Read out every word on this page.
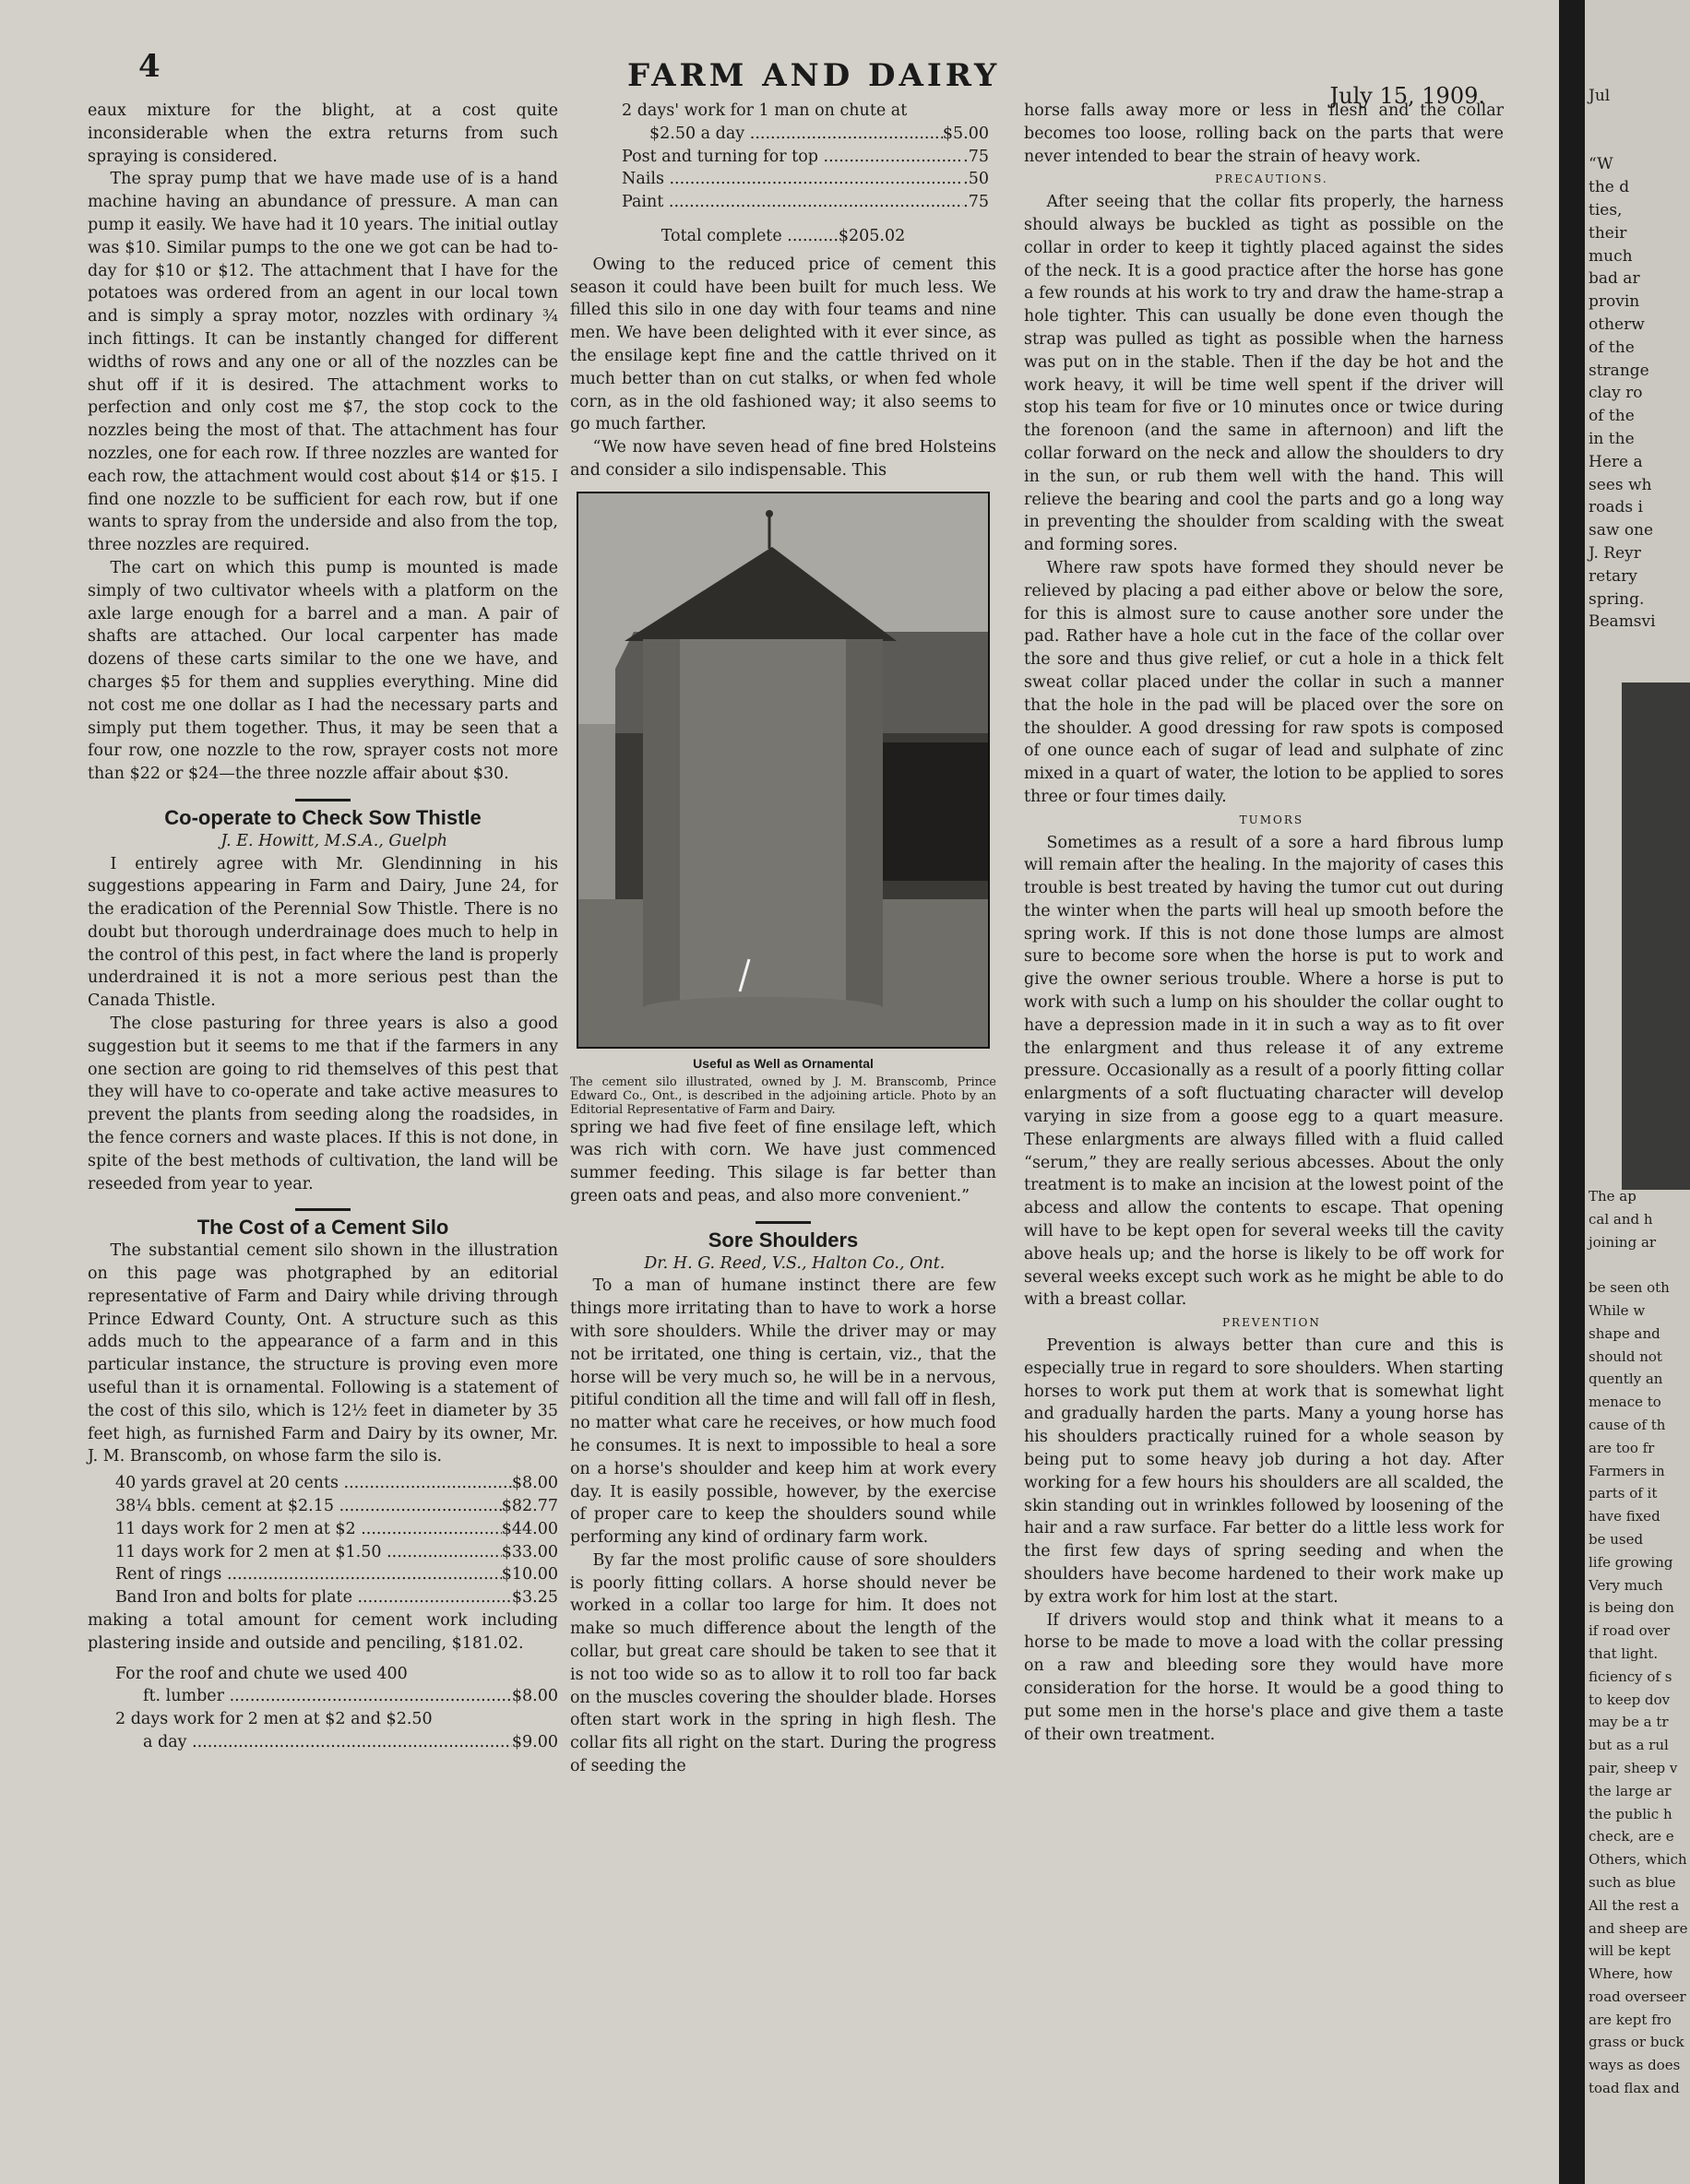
4	FARM AND DAIRY
July 15, 1909.

eaux mixture for the blight, at a cost quite inconsiderable when the extra returns from such spraying is considered.

The spray pump that we have made use of is a hand machine having an abundance of pressure. A man can pump it easily. We have had it 10 years. The initial outlay was $10. Similar pumps to the one we got can be had to-day for $10 or $12. The attachment that I have for the potatoes was ordered from an agent in our local town and is simply a spray motor, nozzles with ordinary ¾ inch fittings. It can be instantly changed for different widths of rows and any one or all of the nozzles can be shut off if it is desired. The attachment works to perfection and only cost me $7, the stop cock to the nozzles being the most of that. The attachment has four nozzles, one for each row. If three nozzles are wanted for each row, the attachment would cost about $14 or $15. I find one nozzle to be sufficient for each row, but if one wants to spray from the underside and also from the top, three nozzles are required.

The cart on which this pump is mounted is made simply of two cultivator wheels with a platform on the axle large enough for a barrel and a man. A pair of shafts are attached. Our local carpenter has made dozens of these carts similar to the one we have, and charges $5 for them and supplies everything. Mine did not cost me one dollar as I had the necessary parts and simply put them together. Thus, it may be seen that a four row, one nozzle to the row, sprayer costs not more than $22 or $24—the three nozzle affair about $30.

Co-operate to Check Sow Thistle

J. E. Howitt, M.S.A., Guelph

I entirely agree with Mr. Glendinning in his suggestions appearing in Farm and Dairy, June 24, for the eradication of the Perennial Sow Thistle. There is no doubt but thorough underdrainage does much to help in the control of this pest, in fact where the land is properly underdrained it is not a more serious pest than the Canada Thistle.

The close pasturing for three years is also a good suggestion but it seems to me that if the farmers in any one section are going to rid themselves of this pest that they will have to co-operate and take active measures to prevent the plants from seeding along the roadsides, in the fence corners and waste places. If this is not done, in spite of the best methods of cultivation, the land will be reseeded from year to year.

The Cost of a Cement Silo

The substantial cement silo shown in the illustration on this page was photgraphed by an editorial representative of Farm and Dairy while driving through Prince Edward County, Ont. A structure such as this adds much to the appearance of a farm and in this particular instance, the structure is proving even more useful than it is ornamental. Following is a statement of the cost of this silo, which is 12½ feet in diameter by 35 feet high, as furnished Farm and Dairy by its owner, Mr. J. M. Branscomb, on whose farm the silo is.

40 yards gravel at 20 cents .....	$8.00
38¼ bbls. cement at $2.15 .....	$82.77
11 days work for 2 men at $2 .....	$44.00
11 days work for 2 men at $1.50 .....	$33.00
Rent of rings .....	$10.00
Band Iron and bolts for plate .....	$3.25

making a total amount for cement work including plastering inside and outside and penciling, $181.02.

For the roof and chute we used 400

ft. lumber .....	$8.00

2 days work for 2 men at $2 and $2.50

a day .....	$9.00

2 days' work for 1 man on chute at

$2.50 a day .....	$5.00
Post and turning for top .....	.75
Nails .....	.50
Paint .....	.75
Total complete ..........$205.02

Owing to the reduced price of cement this season it could have been built for much less. We filled this silo in one day with four teams and nine men. We have been delighted with it ever since, as the ensilage kept fine and the cattle thrived on it much better than on cut stalks, or when fed whole corn, as in the old fashioned way; it also seems to go much farther.

“We now have seven head of fine bred Holsteins and consider a silo indispensable. This

Useful as Well as Ornamental

The cement silo illustrated, owned by J. M. Branscomb, Prince Edward Co., Ont., is described in the adjoining article. Photo by an Editorial Representative of Farm and Dairy.

spring we had five feet of fine ensilage left, which was rich with corn. We have just commenced summer feeding. This silage is far better than green oats and peas, and also more convenient.”

Sore Shoulders

Dr. H. G. Reed, V.S., Halton Co., Ont.

To a man of humane instinct there are few things more irritating than to have to work a horse with sore shoulders. While the driver may or may not be irritated, one thing is certain, viz., that the horse will be very much so, he will be in a nervous, pitiful condition all the time and will fall off in flesh, no matter what care he receives, or how much food he consumes. It is next to impossible to heal a sore on a horse's shoulder and keep him at work every day. It is easily possible, however, by the exercise of proper care to keep the shoulders sound while performing any kind of ordinary farm work.

By far the most prolific cause of sore shoulders is poorly fitting collars. A horse should never be worked in a collar too large for him. It does not make so much difference about the length of the collar, but great care should be taken to see that it is not too wide so as to allow it to roll too far back on the muscles covering the shoulder blade. Horses often start work in the spring in high flesh. The collar fits all right on the start. During the progress of seeding the

horse falls away more or less in flesh and the collar becomes too loose, rolling back on the parts that were never intended to bear the strain of heavy work.

PRECAUTIONS.

After seeing that the collar fits properly, the harness should always be buckled as tight as possible on the collar in order to keep it tightly placed against the sides of the neck. It is a good practice after the horse has gone a few rounds at his work to try and draw the hame-strap a hole tighter. This can usually be done even though the strap was pulled as tight as possible when the harness was put on in the stable. Then if the day be hot and the work heavy, it will be time well spent if the driver will stop his team for five or 10 minutes once or twice during the forenoon (and the same in afternoon) and lift the collar forward on the neck and allow the shoulders to dry in the sun, or rub them well with the hand. This will relieve the bearing and cool the parts and go a long way in preventing the shoulder from scalding with the sweat and forming sores.

Where raw spots have formed they should never be relieved by placing a pad either above or below the sore, for this is almost sure to cause another sore under the pad. Rather have a hole cut in the face of the collar over the sore and thus give relief, or cut a hole in a thick felt sweat collar placed under the collar in such a manner that the hole in the pad will be placed over the sore on the shoulder. A good dressing for raw spots is composed of one ounce each of sugar of lead and sulphate of zinc mixed in a quart of water, the lotion to be applied to sores three or four times daily.

TUMORS

Sometimes as a result of a sore a hard fibrous lump will remain after the healing. In the majority of cases this trouble is best treated by having the tumor cut out during the winter when the parts will heal up smooth before the spring work. If this is not done those lumps are almost sure to become sore when the horse is put to work and give the owner serious trouble. Where a horse is put to work with such a lump on his shoulder the collar ought to have a depression made in it in such a way as to fit over the enlargment and thus release it of any extreme pressure. Occasionally as a result of a poorly fitting collar enlargments of a soft fluctuating character will develop varying in size from a goose egg to a quart measure. These enlargments are always filled with a fluid called “serum,” they are really serious abcesses. About the only treatment is to make an incision at the lowest point of the abcess and allow the contents to escape. That opening will have to be kept open for several weeks till the cavity above heals up; and the horse is likely to be off work for several weeks except such work as he might be able to do with a breast collar.

PREVENTION

Prevention is always better than cure and this is especially true in regard to sore shoulders. When starting horses to work put them at work that is somewhat light and gradually harden the parts. Many a young horse has his shoulders practically ruined for a whole season by being put to some heavy job during a hot day. After working for a few hours his shoulders are all scalded, the skin standing out in wrinkles followed by loosening of the hair and a raw surface. Far better do a little less work for the first few days of spring seeding and when the shoulders have become hardened to their work make up by extra work for him lost at the start.

If drivers would stop and think what it means to a horse to be made to move a load with the collar pressing on a raw and bleeding sore they would have more consideration for the horse. It would be a good thing to put some men in the horse's place and give them a taste of their own treatment.

Jul

“W
the d
ties,
their
much
bad ar
provin
otherw
of the
strange
clay ro
of the
in the
Here a
sees wh
roads i
saw one
J. Reyr
retary
spring.
Beamsvi
The ap
cal and h
joining ar

be seen oth
While w
shape and
should not
quently an
menace to
cause of th
are too fr
Farmers in
parts of it
have fixed
be used
life growing
Very much
is being don
if road over
that light.
ficiency of s
to keep dov
may be a tr
but as a rul
pair, sheep v
the large ar
the public h
check, are e
Others, which
such as blue
All the rest a
and sheep are
will be kept
Where, how
road overseer
are kept fro
grass or buck
ways as does
toad flax and
